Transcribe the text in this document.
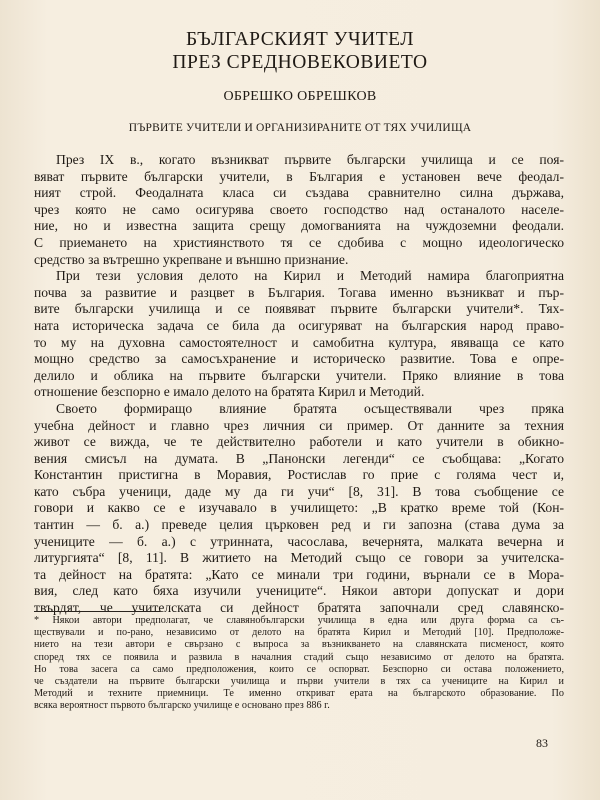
БЪЛГАРСКИЯТ УЧИТЕЛ
ПРЕЗ СРЕДНОВЕКОВИЕТО
ОБРЕШКО ОБРЕШКОВ
ПЪРВИТЕ УЧИТЕЛИ И ОРГАНИЗИРАНИТЕ ОТ ТЯХ УЧИЛИЩА
През IX в., когато възникват първите български училища и се поя-
вяват първите български учители, в България е установен вече феодал-
ният строй. Феодалната класа си създава сравнително силна държава,
чрез която не само осигурява своето господство над останалото населе-
ние, но и известна защита срещу домогванията на чуждоземни феодали.
С приемането на християнството тя се сдобива с мощно идеологическо
средство за вътрешно укрепване и външно признание.
При тези условия делото на Кирил и Методий намира благоприятна
почва за развитие и разцвет в България. Тогава именно възникват и пър-
вите български училища и се появяват първите български учители*. Тях-
ната историческа задача се била да осигуряват на българския народ право-
то му на духовна самостоятелност и самобитна култура, явяваща се като
мощно средство за самосъхранение и историческо развитие. Това е опре-
делило и облика на първите български учители. Пряко влияние в това
отношение безспорно е имало делото на братята Кирил и Методий.
Своето формиращо влияние братята осъществявали чрез пряка
учебна дейност и главно чрез личния си пример. От данните за техния
живот се вижда, че те действително работели и като учители в обикно-
вения смисъл на думата. В „Панонски легенди“ се съобщава: „Когато
Константин пристигна в Моравия, Ростислав го прие с голяма чест и,
като събра ученици, даде му да ги учи“ [8, 31]. В това съобщение се
говори и какво се е изучавало в училището: „В кратко време той (Кон-
тантин — б. а.) преведе целия църковен ред и ги запозна (става дума за
учениците — б. а.) с утринната, часослава, вечернята, малката вечерна и
литургията“ [8, 11]. В житието на Методий също се говори за учителска-
та дейност на братята: „Като се минали три години, върнали се в Мора-
вия, след като бяха изучили учениците“. Някои автори допускат и дори
твърдят, че учителската си дейност братята започнали сред славянско-
* Някои автори предполагат, че славянобългарски училища в една или друга форма са съ-
ществували и по-рано, независимо от делото на братята Кирил и Методий [10]. Предположе-
нието на тези автори е свързано с въпроса за възникването на славянската писменост, която
според тях се появила и развила в началния стадий също независимо от делото на братята.
Но това засега са само предположения, които се оспорват. Безспорно си остава положението,
че създатели на първите български училища и първи учители в тях са учениците на Кирил и
Методий и техните приемници. Те именно откриват ерата на българското образование. По
всяка вероятност първото българско училище е основано през 886 г.
83
